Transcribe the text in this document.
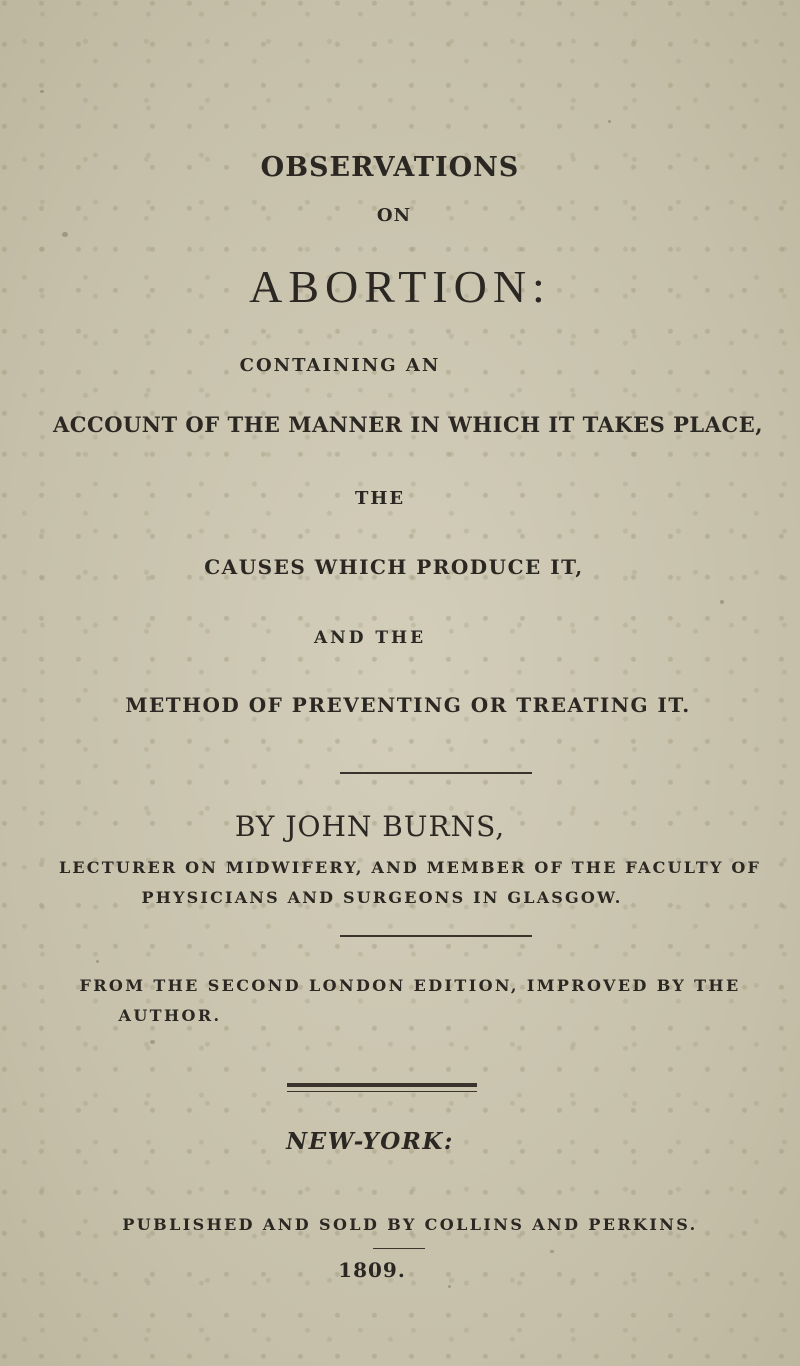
OBSERVATIONS
ON
ABORTION:
CONTAINING AN
ACCOUNT OF THE MANNER IN WHICH IT TAKES PLACE,
THE
CAUSES WHICH PRODUCE IT,
AND THE
METHOD OF PREVENTING OR TREATING IT.
BY JOHN BURNS,
LECTURER ON MIDWIFERY, AND MEMBER OF THE FACULTY OF
PHYSICIANS AND SURGEONS IN GLASGOW.
FROM THE SECOND LONDON EDITION, IMPROVED BY THE
AUTHOR.
NEW-YORK:
PUBLISHED AND SOLD BY COLLINS AND PERKINS.
1809.
